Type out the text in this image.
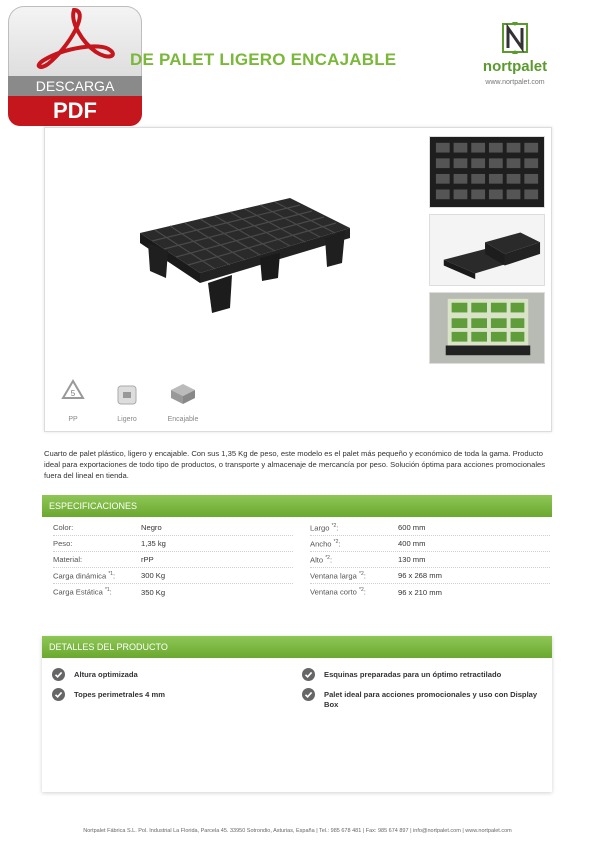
DESCARGA
PDF
DE PALET LIGERO ENCAJABLE	nortpalet
www.nortpalet.com
5
PP	Ligero	Encajable
Cuarto de palet plástico, ligero y encajable. Con sus 1,35 Kg de peso, este modelo es el palet más pequeño y económico de toda la gama. Producto ideal para exportaciones de todo tipo de productos, o transporte y almacenaje de mercancía por peso. Solución óptima para acciones promocionales fuera del lineal en tienda.
ESPECIFICACIONES
Color:	Negro
Peso:	1,35 kg
Material:	rPP
Carga dinámica $^{*1}$:	300 Kg
Carga Estática $^{*1}$:	350 Kg
Largo $^{*2}$:	600 mm
Ancho $^{*2}$:	400 mm
Alto $^{*2}$:	130 mm
Ventana larga $^{*2}$:	96 x 268 mm
Ventana corto $^{*2}$:	96 x 210 mm
DETALLES DEL PRODUCTO
Altura optimizada
Topes perimetrales 4 mm
Esquinas preparadas para un óptimo retractilado
Palet ideal para acciones promocionales y uso con Display Box
Nortpalet Fábrica S.L. Pol. Industrial La Florida, Parcela 45. 33950 Sotrondio, Asturias, España | Tel.: 985 678 481 | Fax: 985 674 897 | info@nortpalet.com | www.nortpalet.com
